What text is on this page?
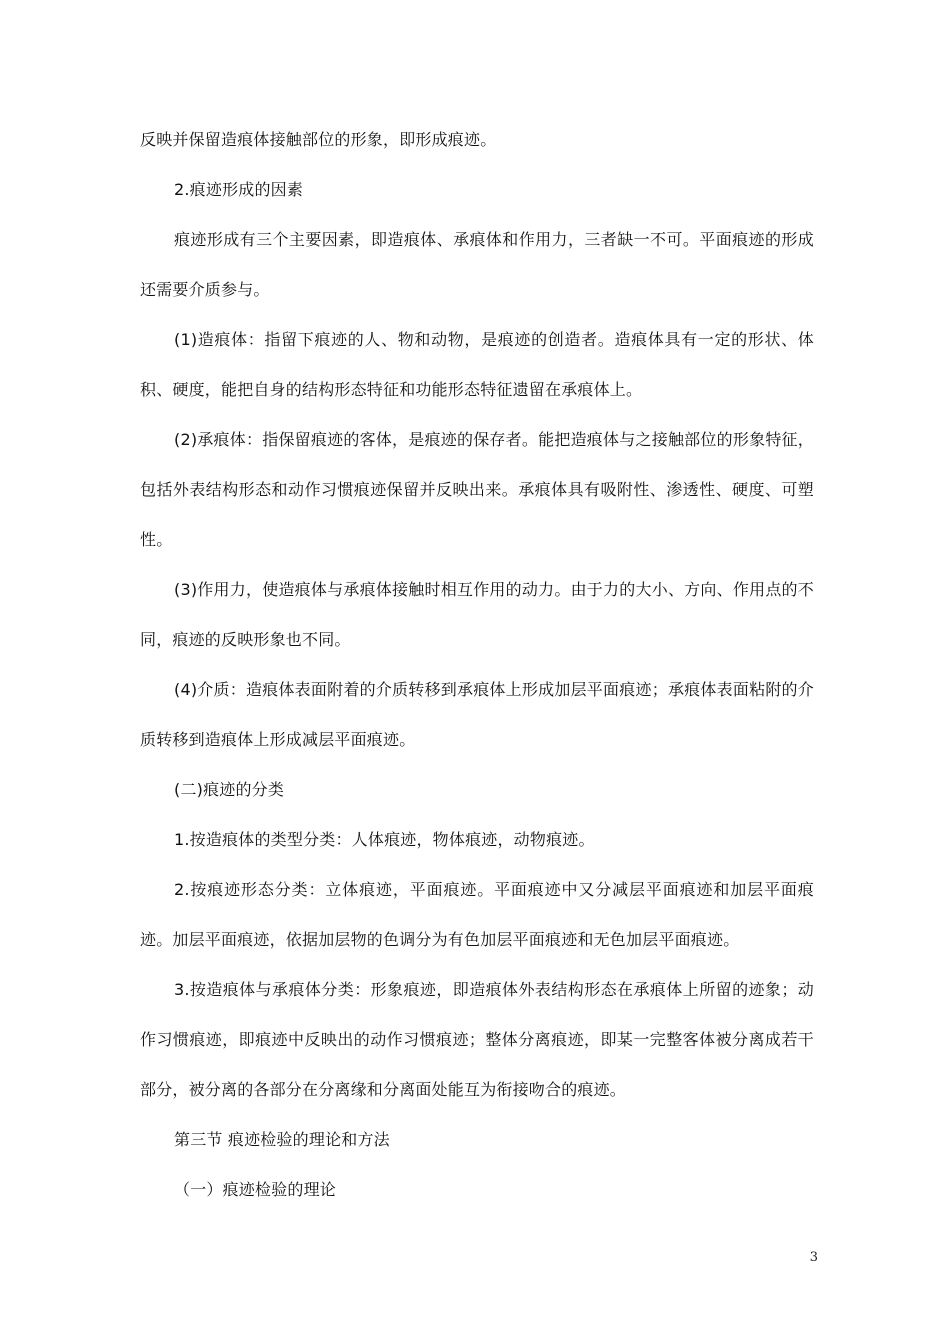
反映并保留造痕体接触部位的形象，即形成痕迹。

2.痕迹形成的因素

痕迹形成有三个主要因素，即造痕体、承痕体和作用力，三者缺一不可。平面痕迹的形成还需要介质参与。

(1)造痕体：指留下痕迹的人、物和动物，是痕迹的创造者。造痕体具有一定的形状、体积、硬度，能把自身的结构形态特征和功能形态特征遗留在承痕体上。

(2)承痕体：指保留痕迹的客体，是痕迹的保存者。能把造痕体与之接触部位的形象特征，包括外表结构形态和动作习惯痕迹保留并反映出来。承痕体具有吸附性、渗透性、硬度、可塑性。

(3)作用力，使造痕体与承痕体接触时相互作用的动力。由于力的大小、方向、作用点的不同，痕迹的反映形象也不同。

(4)介质：造痕体表面附着的介质转移到承痕体上形成加层平面痕迹；承痕体表面粘附的介质转移到造痕体上形成减层平面痕迹。

(二)痕迹的分类

1.按造痕体的类型分类：人体痕迹，物体痕迹，动物痕迹。

2.按痕迹形态分类：立体痕迹，平面痕迹。平面痕迹中又分减层平面痕迹和加层平面痕迹。加层平面痕迹，依据加层物的色调分为有色加层平面痕迹和无色加层平面痕迹。

3.按造痕体与承痕体分类：形象痕迹，即造痕体外表结构形态在承痕体上所留的迹象；动作习惯痕迹，即痕迹中反映出的动作习惯痕迹；整体分离痕迹，即某一完整客体被分离成若干部分，被分离的各部分在分离缘和分离面处能互为衔接吻合的痕迹。

第三节 痕迹检验的理论和方法

（一）痕迹检验的理论

3
